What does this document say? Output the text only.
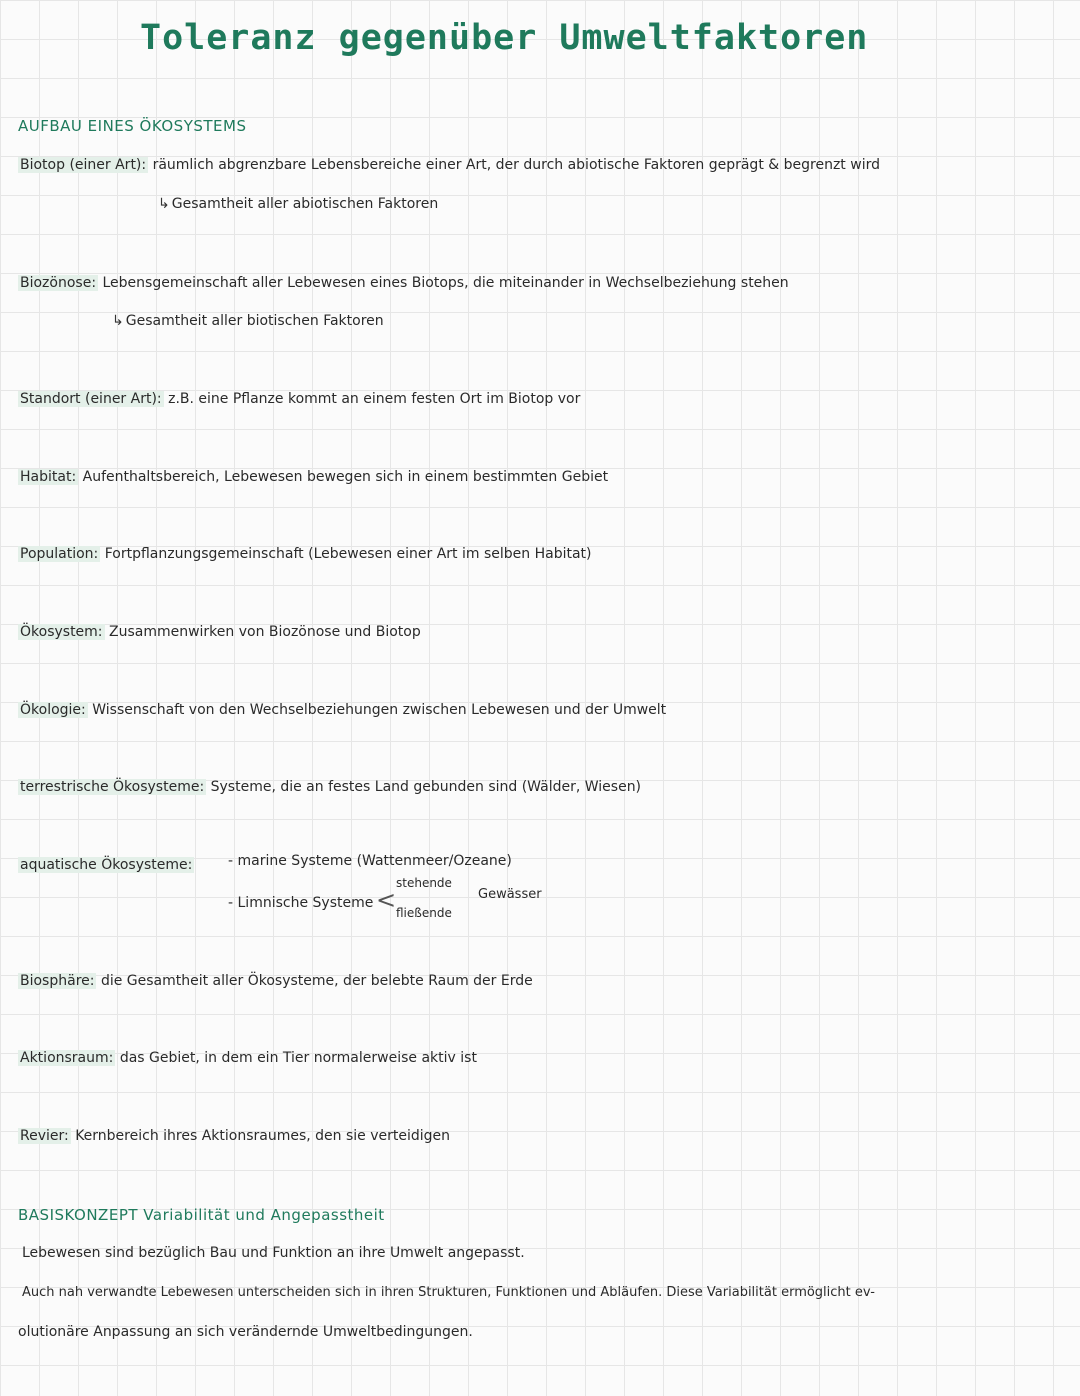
Toleranz gegenüber Umweltfaktoren
AUFBAU EINES ÖKOSYSTEMS
Biotop (einer Art): räumlich abgrenzbare Lebensbereiche einer Art, der durch abiotische Faktoren geprägt & begrenzt wird
↳ Gesamtheit aller abiotischen Faktoren
Biozönose: Lebensgemeinschaft aller Lebewesen eines Biotops, die miteinander in Wechselbeziehung stehen
↳ Gesamtheit aller biotischen Faktoren
Standort (einer Art): z.B. eine Pflanze kommt an einem festen Ort im Biotop vor
Habitat: Aufenthaltsbereich, Lebewesen bewegen sich in einem bestimmten Gebiet
Population: Fortpflanzungsgemeinschaft (Lebewesen einer Art im selben Habitat)
Ökosystem: Zusammenwirken von Biozönose und Biotop
Ökologie: Wissenschaft von den Wechselbeziehungen zwischen Lebewesen und der Umwelt
terrestrische Ökosysteme: Systeme, die an festes Land gebunden sind (Wälder, Wiesen)
aquatische Ökosysteme:	- marine Systeme (Wattenmeer/Ozeane)
- Limnische Systeme <
stehende
fließende
Gewässer
Biosphäre: die Gesamtheit aller Ökosysteme, der belebte Raum der Erde
Aktionsraum: das Gebiet, in dem ein Tier normalerweise aktiv ist
Revier: Kernbereich ihres Aktionsraumes, den sie verteidigen
BASISKONZEPT Variabilität und Angepasstheit
Lebewesen sind bezüglich Bau und Funktion an ihre Umwelt angepasst.
Auch nah verwandte Lebewesen unterscheiden sich in ihren Strukturen, Funktionen und Abläufen. Diese Variabilität ermöglicht ev-
olutionäre Anpassung an sich verändernde Umweltbedingungen.
